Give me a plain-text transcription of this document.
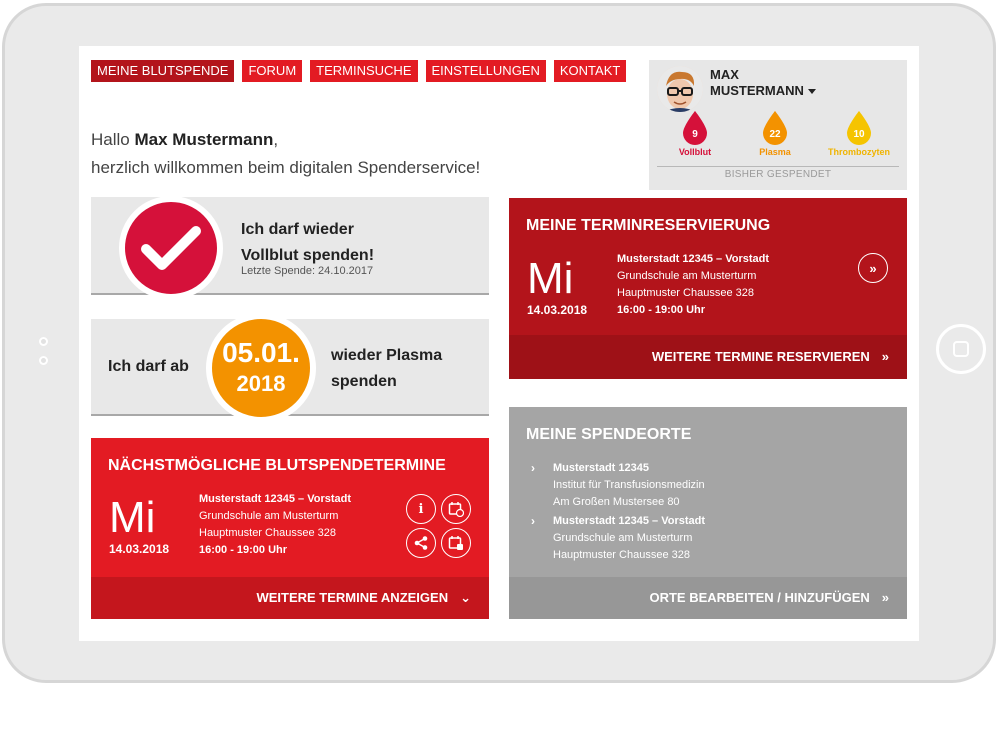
MEINE BLUTSPENDE	FORUM	TERMINSUCHE	EINSTELLUNGEN	KONTAKT
Hallo Max Mustermann,
herzlich willkommen beim digitalen Spenderservice!
MAX
MUSTERMANN
9
Vollblut
22
Plasma
10
Thrombozyten
BISHER GESPENDET
Ich darf wieder
Vollblut spenden!
Letzte Spende: 24.10.2017
Ich darf ab	05.01.
2018
wieder Plasma
spenden
MEINE TERMINRESERVIERUNG
Mi
14.03.2018
Musterstadt 12345 – Vorstadt
Grundschule am Musterturm
Hauptmuster Chaussee 328
16:00 - 19:00 Uhr
»
WEITERE TERMINE RESERVIEREN »
NÄCHSTMÖGLICHE BLUTSPENDETERMINE
Mi
14.03.2018
Musterstadt 12345 – Vorstadt
Grundschule am Musterturm
Hauptmuster Chaussee 328
16:00 - 19:00 Uhr
i
WEITERE TERMINE ANZEIGEN ⌄
MEINE SPENDEORTE
› Musterstadt 12345
Institut für Transfusionsmedizin
Am Großen Mustersee 80
› Musterstadt 12345 – Vorstadt
Grundschule am Musterturm
Hauptmuster Chaussee 328
ORTE BEARBEITEN / HINZUFÜGEN »
